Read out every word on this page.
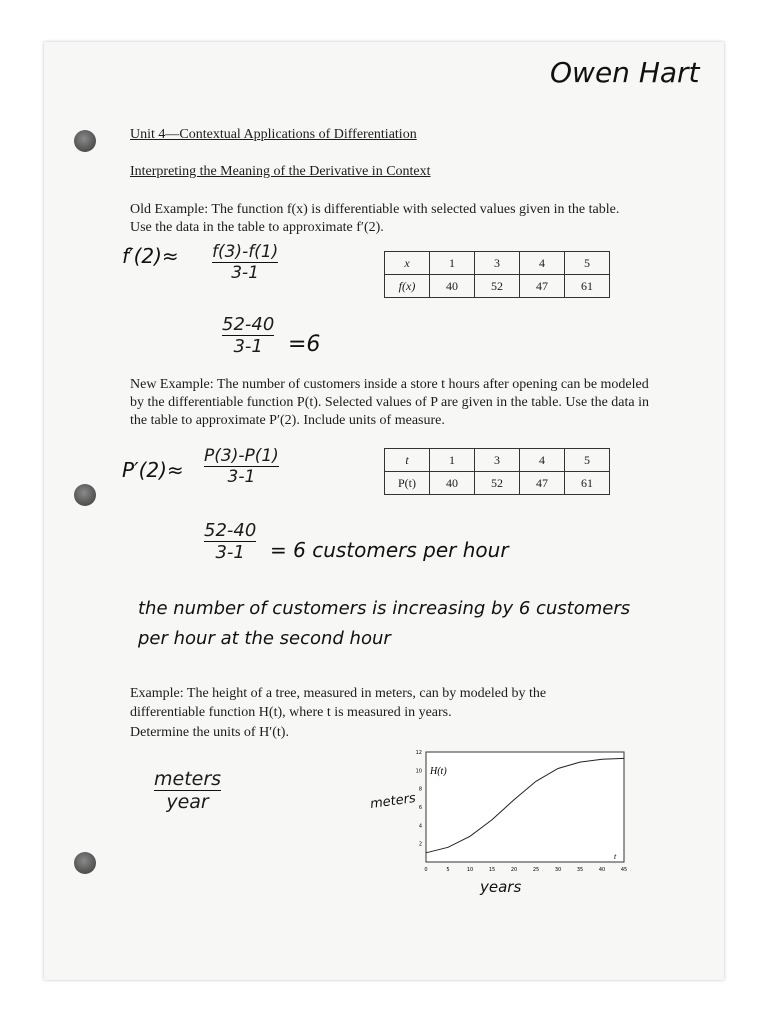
Owen Hart
Unit 4—Contextual Applications of Differentiation
Interpreting the Meaning of the Derivative in Context
Old Example: The function f(x) is differentiable with selected values given in the table. Use the data in the table to approximate f′(2).
f′(2)≈ f(3)-f(1)
3-1
x	1	3	4	5
f(x)	40	52	47	61
52-40
3-1 =6
New Example: The number of customers inside a store t hours after opening can be modeled by the differentiable function P(t). Selected values of P are given in the table. Use the data in the table to approximate P′(2). Include units of measure.
P′(2)≈
P(3)-P(1)
3-1
t	1	3	4	5
P(t)	40	52	47	61
52-40
3-1 = 6 customers per hour
the number of customers is increasing by 6 customers
per hour at the second hour
Example: The height of a tree, measured in meters, can by modeled by the
differentiable function H(t), where t is measured in years.
Determine the units of H′(t).
meters
year	meters
years
2
4
6
8
10
12
0	5	10	15	20	25	30	35	40	45
H(t)
t
